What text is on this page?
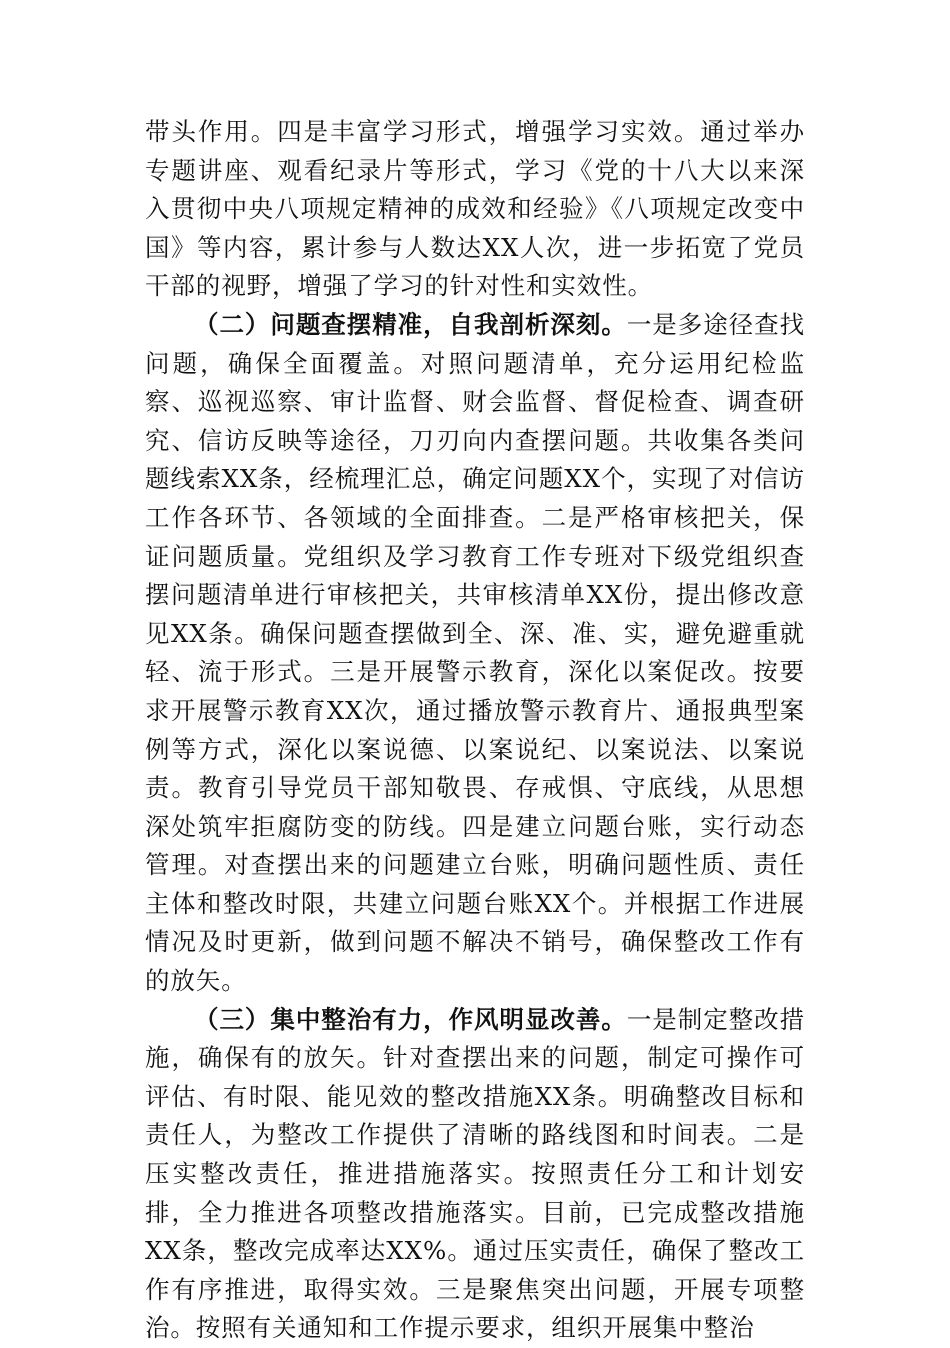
带头作用。四是丰富学习形式，增强学习实效。通过举办专题讲座、观看纪录片等形式，学习《党的十八大以来深入贯彻中央八项规定精神的成效和经验》《八项规定改变中国》等内容，累计参与人数达XX人次，进一步拓宽了党员干部的视野，增强了学习的针对性和实效性。

（二）问题查摆精准，自我剖析深刻。一是多途径查找问题，确保全面覆盖。对照问题清单，充分运用纪检监察、巡视巡察、审计监督、财会监督、督促检查、调查研究、信访反映等途径，刀刃向内查摆问题。共收集各类问题线索XX条，经梳理汇总，确定问题XX个，实现了对信访工作各环节、各领域的全面排查。二是严格审核把关，保证问题质量。党组织及学习教育工作专班对下级党组织查摆问题清单进行审核把关，共审核清单XX份，提出修改意见XX条。确保问题查摆做到全、深、准、实，避免避重就轻、流于形式。三是开展警示教育，深化以案促改。按要求开展警示教育XX次，通过播放警示教育片、通报典型案例等方式，深化以案说德、以案说纪、以案说法、以案说责。教育引导党员干部知敬畏、存戒惧、守底线，从思想深处筑牢拒腐防变的防线。四是建立问题台账，实行动态管理。对查摆出来的问题建立台账，明确问题性质、责任主体和整改时限，共建立问题台账XX个。并根据工作进展情况及时更新，做到问题不解决不销号，确保整改工作有的放矢。

（三）集中整治有力，作风明显改善。一是制定整改措施，确保有的放矢。针对查摆出来的问题，制定可操作可评估、有时限、能见效的整改措施XX条。明确整改目标和责任人，为整改工作提供了清晰的路线图和时间表。二是压实整改责任，推进措施落实。按照责任分工和计划安排，全力推进各项整改措施落实。目前，已完成整改措施XX条，整改完成率达XX%。通过压实责任，确保了整改工作有序推进，取得实效。三是聚焦突出问题，开展专项整治。按照有关通知和工作提示要求，组织开展集中整治
